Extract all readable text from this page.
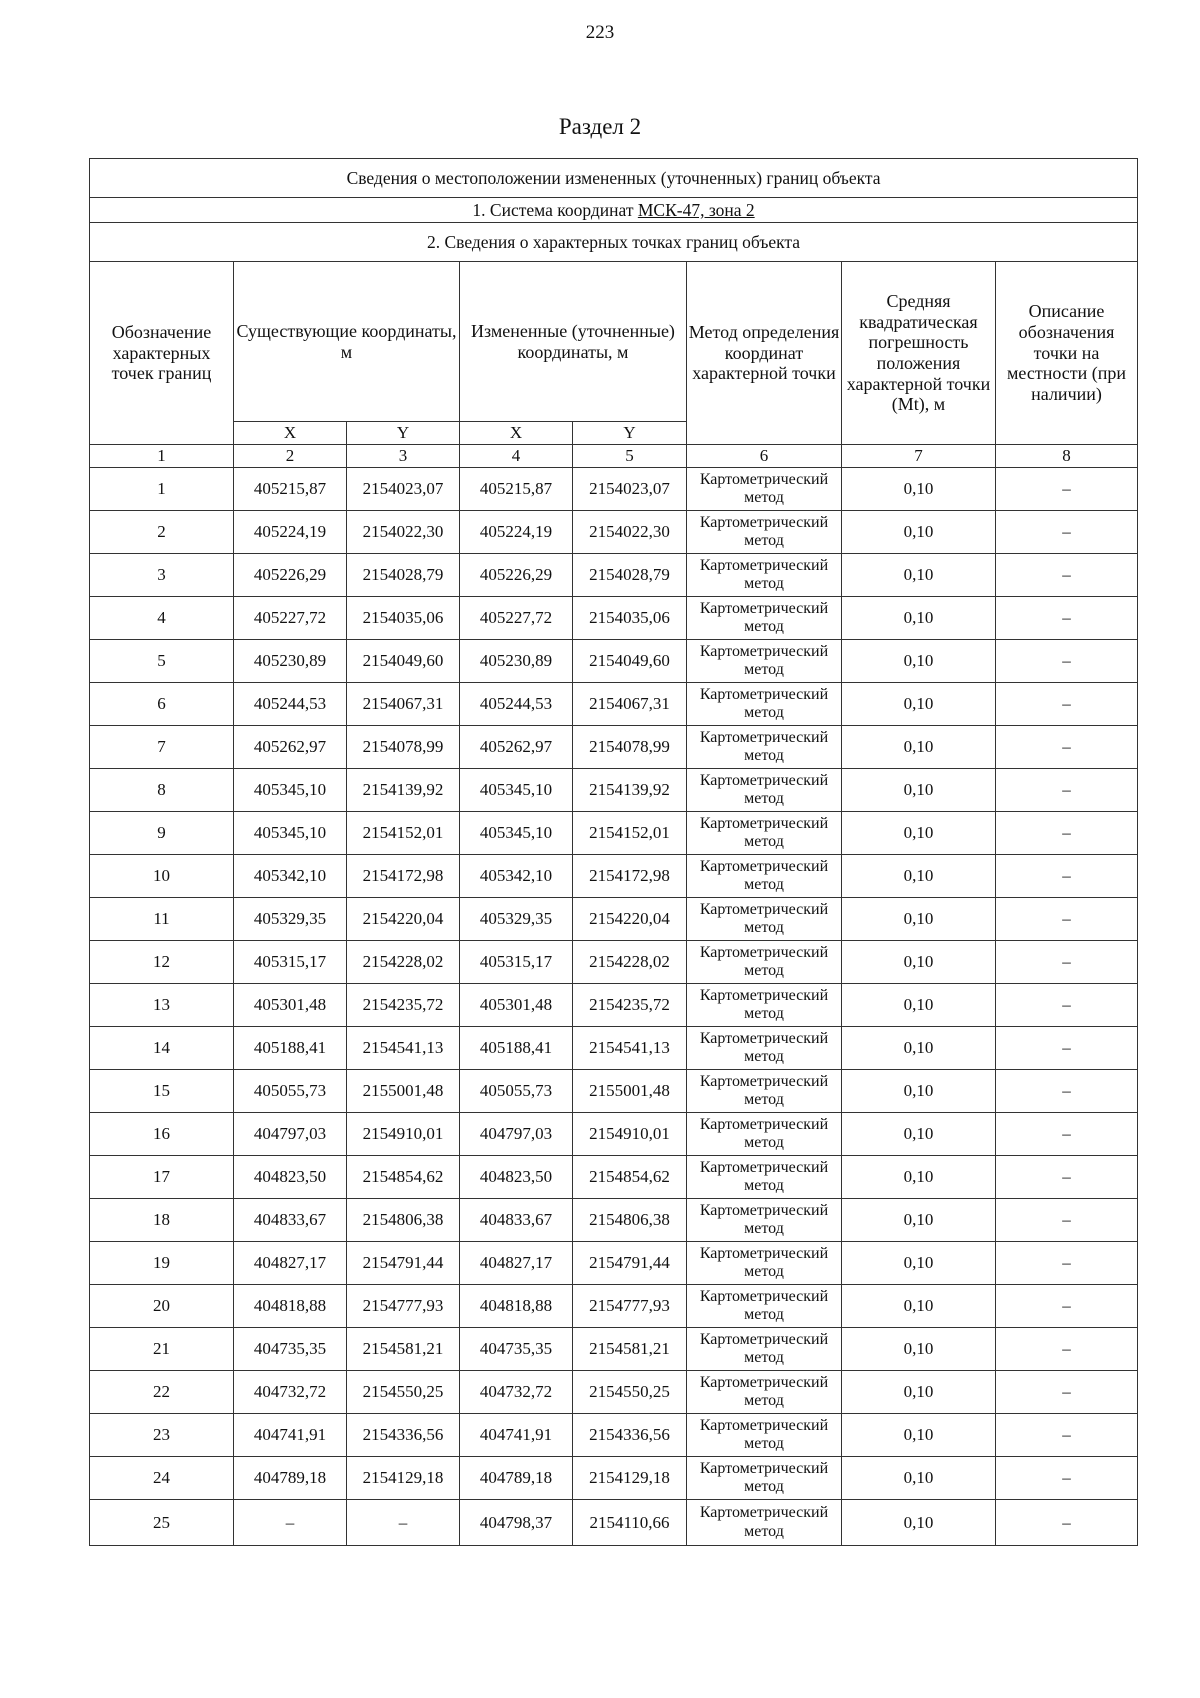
223
Раздел 2
Сведения о местоположении измененных (уточненных) границ объекта							
1. Система координат МСК-47, зона 2							
2. Сведения о характерных точках границ объекта							
Обозначение характерных точек границ	Существующие координаты, м		Измененные (уточненные) координаты, м		Метод определения координат характерной точки	Средняя квадратическая погрешность положения характерной точки (Мt), м	Описание обозначения точки на местности (при наличии)
	X	Y	X	Y			
1	2	3	4	5	6	7	8
1	405215,87	2154023,07	405215,87	2154023,07	Картометрический метод	0,10	–
2	405224,19	2154022,30	405224,19	2154022,30	Картометрический метод	0,10	–
3	405226,29	2154028,79	405226,29	2154028,79	Картометрический метод	0,10	–
4	405227,72	2154035,06	405227,72	2154035,06	Картометрический метод	0,10	–
5	405230,89	2154049,60	405230,89	2154049,60	Картометрический метод	0,10	–
6	405244,53	2154067,31	405244,53	2154067,31	Картометрический метод	0,10	–
7	405262,97	2154078,99	405262,97	2154078,99	Картометрический метод	0,10	–
8	405345,10	2154139,92	405345,10	2154139,92	Картометрический метод	0,10	–
9	405345,10	2154152,01	405345,10	2154152,01	Картометрический метод	0,10	–
10	405342,10	2154172,98	405342,10	2154172,98	Картометрический метод	0,10	–
11	405329,35	2154220,04	405329,35	2154220,04	Картометрический метод	0,10	–
12	405315,17	2154228,02	405315,17	2154228,02	Картометрический метод	0,10	–
13	405301,48	2154235,72	405301,48	2154235,72	Картометрический метод	0,10	–
14	405188,41	2154541,13	405188,41	2154541,13	Картометрический метод	0,10	–
15	405055,73	2155001,48	405055,73	2155001,48	Картометрический метод	0,10	–
16	404797,03	2154910,01	404797,03	2154910,01	Картометрический метод	0,10	–
17	404823,50	2154854,62	404823,50	2154854,62	Картометрический метод	0,10	–
18	404833,67	2154806,38	404833,67	2154806,38	Картометрический метод	0,10	–
19	404827,17	2154791,44	404827,17	2154791,44	Картометрический метод	0,10	–
20	404818,88	2154777,93	404818,88	2154777,93	Картометрический метод	0,10	–
21	404735,35	2154581,21	404735,35	2154581,21	Картометрический метод	0,10	–
22	404732,72	2154550,25	404732,72	2154550,25	Картометрический метод	0,10	–
23	404741,91	2154336,56	404741,91	2154336,56	Картометрический метод	0,10	–
24	404789,18	2154129,18	404789,18	2154129,18	Картометрический метод	0,10	–
25	–	–	404798,37	2154110,66	Картометрический метод	0,10	–
